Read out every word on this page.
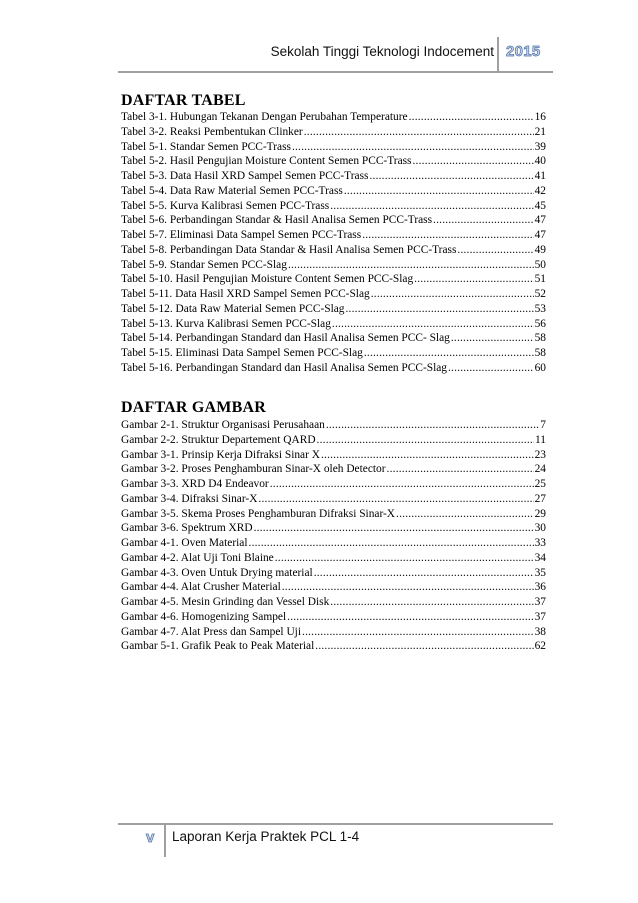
Sekolah Tinggi Teknologi Indocement 2015
DAFTAR TABEL
Tabel 3-1. Hubungan Tekanan Dengan Perubahan Temperature .....	16
Tabel 3-2. Reaksi Pembentukan Clinker .....	21
Tabel 5-1. Standar Semen PCC-Trass .....	39
Tabel 5-2. Hasil Pengujian Moisture Content Semen PCC-Trass .....	40
Tabel 5-3. Data Hasil XRD Sampel Semen PCC-Trass .....	41
Tabel 5-4. Data Raw Material Semen PCC-Trass .....	42
Tabel 5-5. Kurva Kalibrasi Semen PCC-Trass .....	45
Tabel 5-6. Perbandingan Standar & Hasil Analisa Semen PCC-Trass .....	47
Tabel 5-7. Eliminasi Data Sampel Semen PCC-Trass .....	47
Tabel 5-8. Perbandingan Data Standar & Hasil Analisa Semen PCC-Trass .....	49
Tabel 5-9. Standar Semen PCC-Slag .....	50
Tabel 5-10. Hasil Pengujian Moisture Content Semen PCC-Slag .....	51
Tabel 5-11. Data Hasil XRD Sampel Semen PCC-Slag .....	52
Tabel 5-12. Data Raw Material Semen PCC-Slag .....	53
Tabel 5-13. Kurva Kalibrasi Semen PCC-Slag .....	56
Tabel 5-14. Perbandingan Standard dan Hasil Analisa Semen PCC- Slag .....	58
Tabel 5-15. Eliminasi Data Sampel Semen PCC-Slag .....	58
Tabel 5-16. Perbandingan Standard dan Hasil Analisa Semen PCC-Slag .....	60
DAFTAR GAMBAR
Gambar 2-1. Struktur Organisasi Perusahaan .....	7
Gambar 2-2. Struktur Departement QARD .....	11
Gambar 3-1. Prinsip Kerja Difraksi Sinar X .....	23
Gambar 3-2. Proses Penghamburan Sinar-X oleh Detector .....	24
Gambar 3-3. XRD D4 Endeavor .....	25
Gambar 3-4. Difraksi Sinar-X .....	27
Gambar 3-5. Skema Proses Penghamburan Difraksi Sinar-X .....	29
Gambar 3-6. Spektrum XRD .....	30
Gambar 4-1. Oven Material .....	33
Gambar 4-2. Alat Uji Toni Blaine .....	34
Gambar 4-3. Oven Untuk Drying material .....	35
Gambar 4-4. Alat Crusher Material .....	36
Gambar 4-5. Mesin Grinding dan Vessel Disk .....	37
Gambar 4-6. Homogenizing Sampel .....	37
Gambar 4-7. Alat Press dan Sampel Uji .....	38
Gambar 5-1. Grafik Peak to Peak Material .....	62
v Laporan Kerja Praktek PCL 1-4
